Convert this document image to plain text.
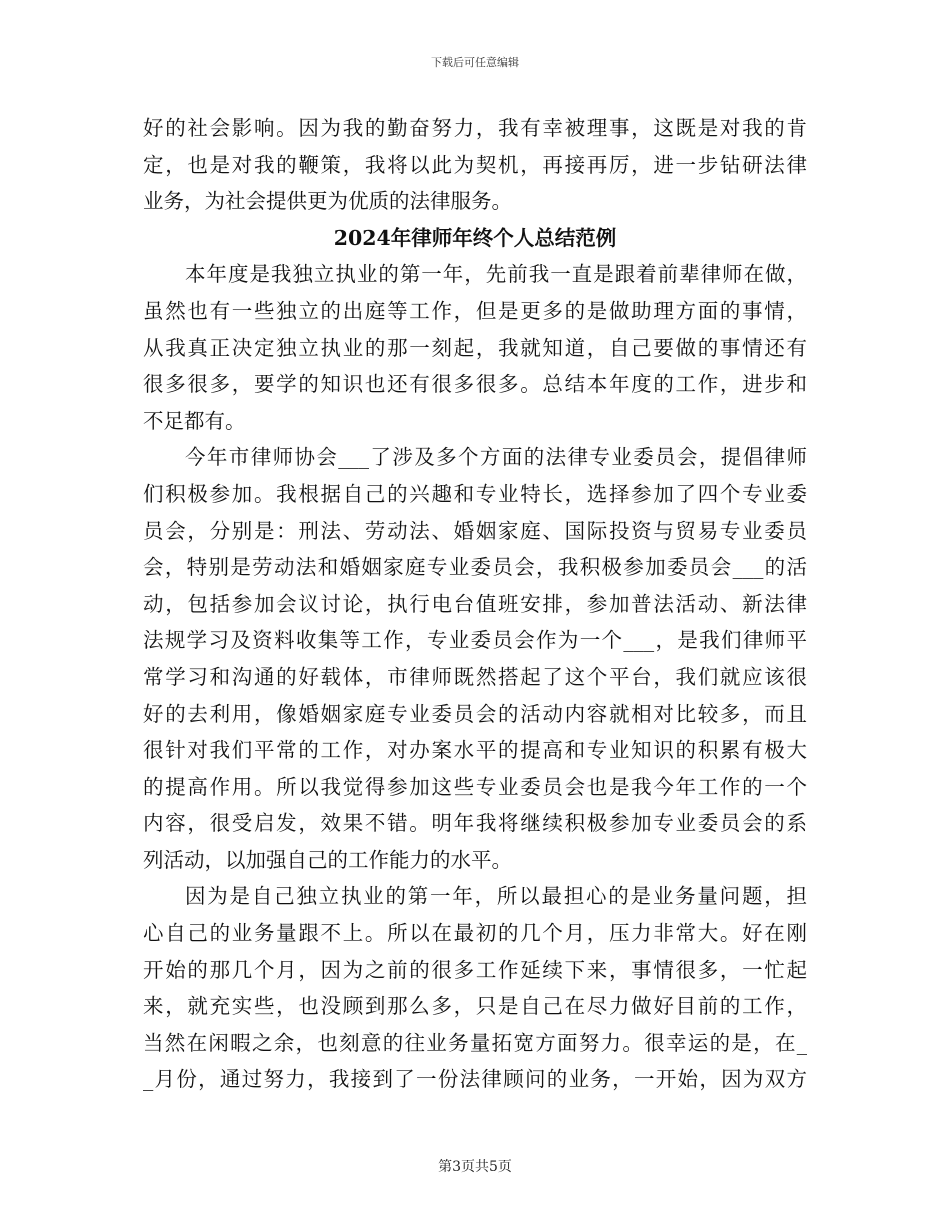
下载后可任意编辑
好的社会影响。因为我的勤奋努力，我有幸被理事，这既是对我的肯
定，也是对我的鞭策，我将以此为契机，再接再厉，进一步钻研法律
业务，为社会提供更为优质的法律服务。
2024年律师年终个人总结范例
本年度是我独立执业的第一年，先前我一直是跟着前辈律师在做，
虽然也有一些独立的出庭等工作，但是更多的是做助理方面的事情，
从我真正决定独立执业的那一刻起，我就知道，自己要做的事情还有
很多很多，要学的知识也还有很多很多。总结本年度的工作，进步和
不足都有。
今年市律师协会___了涉及多个方面的法律专业委员会，提倡律师
们积极参加。我根据自己的兴趣和专业特长，选择参加了四个专业委
员会，分别是：刑法、劳动法、婚姻家庭、国际投资与贸易专业委员
会，特别是劳动法和婚姻家庭专业委员会，我积极参加委员会___的活
动，包括参加会议讨论，执行电台值班安排，参加普法活动、新法律
法规学习及资料收集等工作，专业委员会作为一个___，是我们律师平
常学习和沟通的好载体，市律师既然搭起了这个平台，我们就应该很
好的去利用，像婚姻家庭专业委员会的活动内容就相对比较多，而且
很针对我们平常的工作，对办案水平的提高和专业知识的积累有极大
的提高作用。所以我觉得参加这些专业委员会也是我今年工作的一个
内容，很受启发，效果不错。明年我将继续积极参加专业委员会的系
列活动，以加强自己的工作能力的水平。
因为是自己独立执业的第一年，所以最担心的是业务量问题，担
心自己的业务量跟不上。所以在最初的几个月，压力非常大。好在刚
开始的那几个月，因为之前的很多工作延续下来，事情很多，一忙起
来，就充实些，也没顾到那么多，只是自己在尽力做好目前的工作，
当然在闲暇之余，也刻意的往业务量拓宽方面努力。很幸运的是，在_
_月份，通过努力，我接到了一份法律顾问的业务，一开始，因为双方
第3页共5页
